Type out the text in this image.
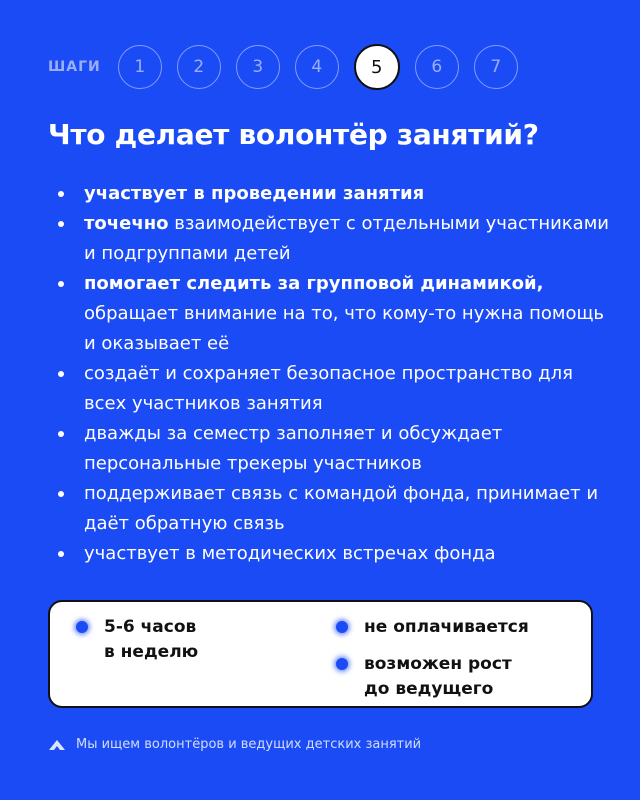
ШАГИ	1	2	3	4	5	6	7
Что делает волонтёр занятий?
участвует в проведении занятия
точечно взаимодействует с отдельными участниками и подгруппами детей
помогает следить за групповой динамикой, обращает внимание на то, что кому-то нужна помощь и оказывает её
создаёт и сохраняет безопасное пространство для всех участников занятия
дважды за семестр заполняет и обсуждает персональные трекеры участников
поддерживает связь с командой фонда, принимает и даёт обратную связь
участвует в методических встречах фонда
5-6 часов
в неделю
не оплачивается
возможен рост
до ведущего
Мы ищем волонтёров и ведущих детских занятий
